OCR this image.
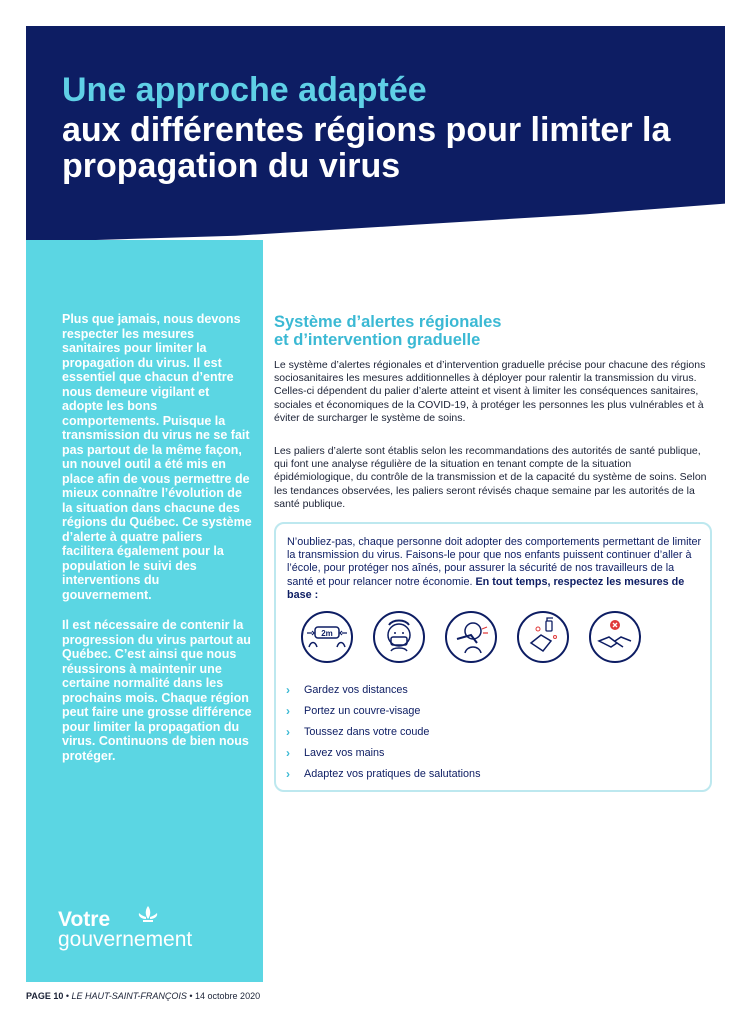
Une approche adaptée
aux différentes régions pour limiter la propagation du virus

Plus que jamais, nous devons respecter les mesures sanitaires pour limiter la propagation du virus. Il est essentiel que chacun d’entre nous demeure vigilant et adopte les bons comportements. Puisque la transmission du virus ne se fait pas partout de la même façon, un nouvel outil a été mis en place afin de vous permettre de mieux connaître l’évolution de la situation dans chacune des régions du Québec. Ce système d’alerte à quatre paliers facilitera également pour la population le suivi des interventions du gouvernement.

Il est nécessaire de contenir la progression du virus partout au Québec. C’est ainsi que nous réussirons à maintenir une certaine normalité dans les prochains mois. Chaque région peut faire une grosse différence pour limiter la propagation du virus. Continuons de bien nous protéger.

Votre
gouvernement
Système d’alertes régionales
et d’intervention graduelle

Le système d’alertes régionales et d’intervention graduelle précise pour chacune des régions sociosanitaires les mesures additionnelles à déployer pour ralentir la transmission du virus. Celles-ci dépendent du palier d’alerte atteint et visent à limiter les conséquences sanitaires, sociales et économiques de la COVID-19, à protéger les personnes les plus vulnérables et à éviter de surcharger le système de soins.

Les paliers d’alerte sont établis selon les recommandations des autorités de santé publique, qui font une analyse régulière de la situation en tenant compte de la situation épidémiologique, du contrôle de la transmission et de la capacité du système de soins. Selon les tendances observées, les paliers seront révisés chaque semaine par les autorités de la santé publique.

N’oubliez-pas, chaque personne doit adopter des comportements permettant de limiter la transmission du virus. Faisons-le pour que nos enfants puissent continuer d’aller à l’école, pour protéger nos aînés, pour assurer la sécurité de nos travailleurs de la santé et pour relancer notre économie. En tout temps, respectez les mesures de base :

2m
› Gardez vos distances
› Portez un couvre-visage
› Toussez dans votre coude
› Lavez vos mains
› Adaptez vos pratiques de salutations
PAGE 10 • LE HAUT-SAINT-FRANÇOIS • 14 octobre 2020
